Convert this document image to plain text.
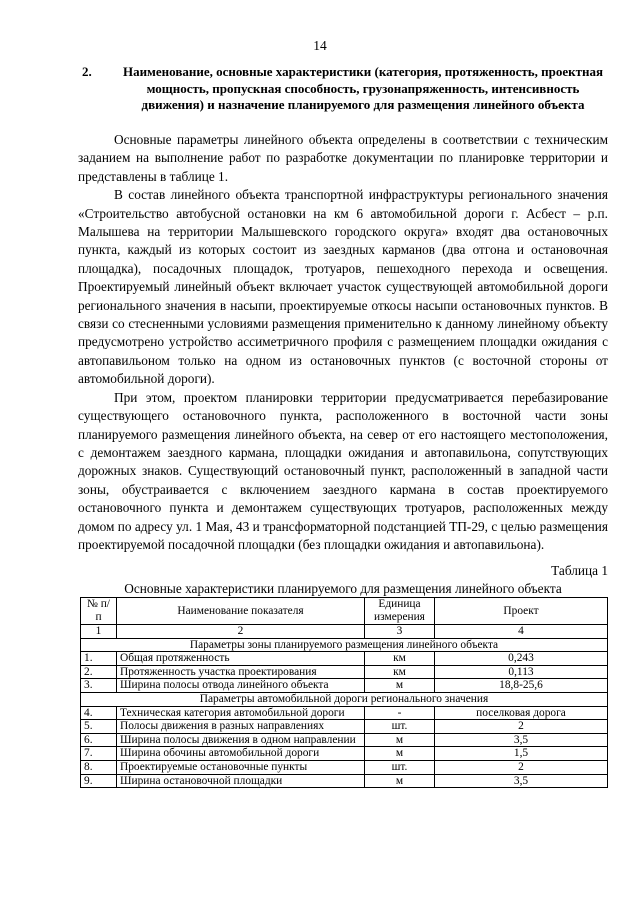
14
2.	Наименование, основные характеристики (категория, протяженность, проектная мощность, пропускная способность, грузонапряженность, интенсивность движения) и назначение планируемого для размещения линейного объекта

Основные параметры линейного объекта определены в соответствии с техническим заданием на выполнение работ по разработке документации по планировке территории и представлены в таблице 1.

В состав линейного объекта транспортной инфраструктуры регионального значения «Строительство автобусной остановки на км 6 автомобильной дороги г. Асбест – р.п. Малышева на территории Малышевского городского округа» входят два остановочных пункта, каждый из которых состоит из заездных карманов (два отгона и остановочная площадка), посадочных площадок, тротуаров, пешеходного перехода и освещения. Проектируемый линейный объект включает участок существующей автомобильной дороги регионального значения в насыпи, проектируемые откосы насыпи остановочных пунктов. В связи со стесненными условиями размещения применительно к данному линейному объекту предусмотрено устройство ассиметричного профиля с размещением площадки ожидания с автопавильоном только на одном из остановочных пунктов (с восточной стороны от автомобильной дороги).

При этом, проектом планировки территории предусматривается перебазирование существующего остановочного пункта, расположенного в восточной части зоны планируемого размещения линейного объекта, на север от его настоящего местоположения, с демонтажем заездного кармана, площадки ожидания и автопавильона, сопутствующих дорожных знаков. Существующий остановочный пункт, расположенный в западной части зоны, обустраивается с включением заездного кармана в состав проектируемого остановочного пункта и демонтажем существующих тротуаров, расположенных между домом по адресу ул. 1 Мая, 43 и трансформаторной подстанцией ТП-29, с целью размещения проектируемой посадочной площадки (без площадки ожидания и автопавильона).

Таблица 1
Основные характеристики планируемого для размещения линейного объекта
№ п/п	Наименование показателя	Единица измерения	Проект
1	2	3	4
Параметры зоны планируемого размещения линейного объекта			
1.	Общая протяженность	км	0,243
2.	Протяженность участка проектирования	км	0,113
3.	Ширина полосы отвода линейного объекта	м	18,8-25,6
Параметры автомобильной дороги регионального значения			
4.	Техническая категория автомобильной дороги	-	поселковая дорога
5.	Полосы движения в разных направлениях	шт.	2
6.	Ширина полосы движения в одном направлении	м	3,5
7.	Ширина обочины автомобильной дороги	м	1,5
8.	Проектируемые остановочные пункты	шт.	2
9.	Ширина остановочной площадки	м	3,5
